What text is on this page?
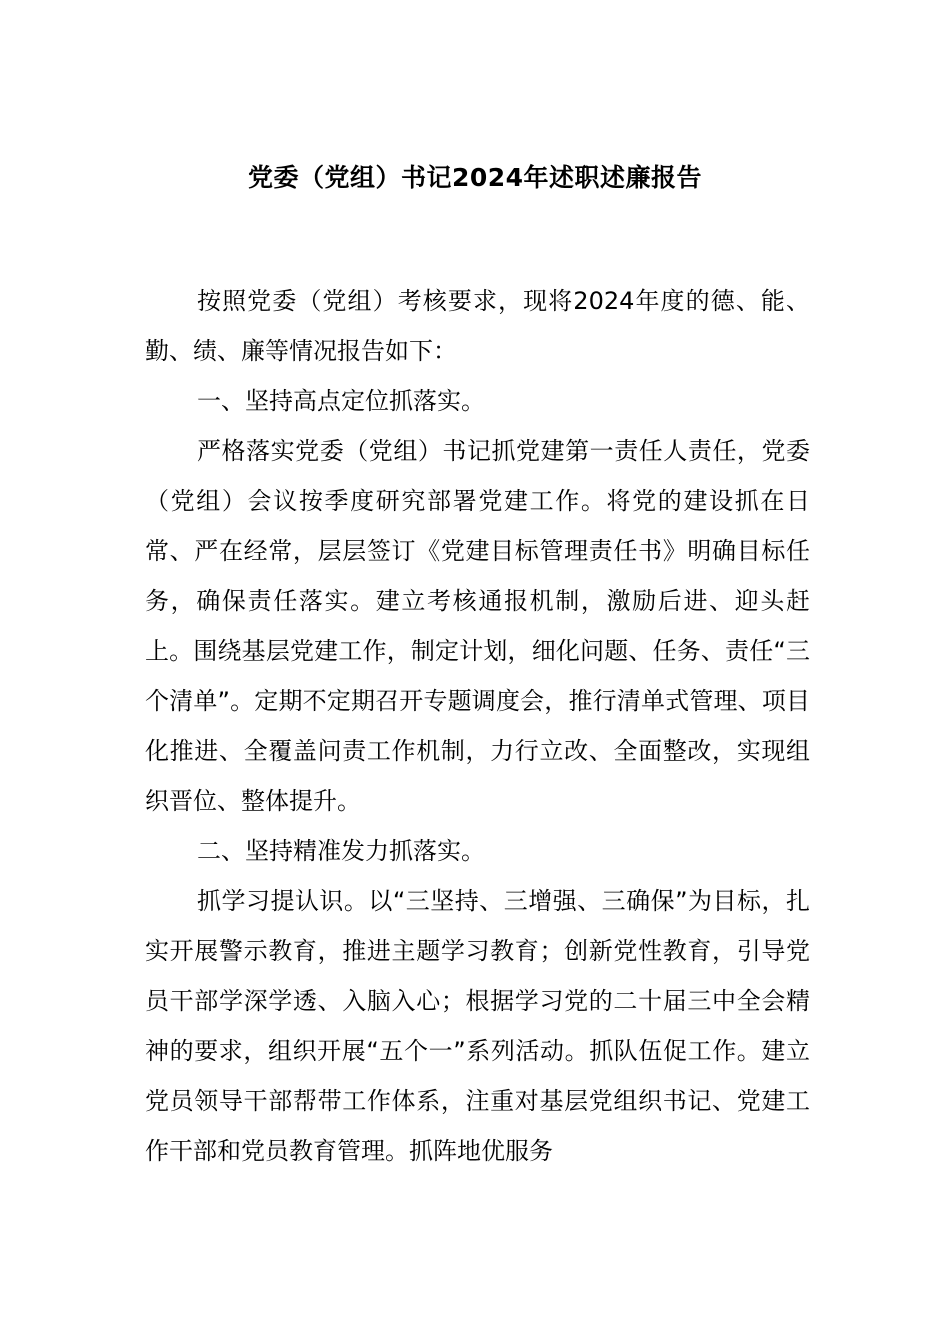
党委（党组）书记2024年述职述廉报告

按照党委（党组）考核要求，现将2024年度的德、能、勤、绩、廉等情况报告如下：

一、坚持高点定位抓落实。

严格落实党委（党组）书记抓党建第一责任人责任，党委（党组）会议按季度研究部署党建工作。将党的建设抓在日常、严在经常，层层签订《党建目标管理责任书》明确目标任务，确保责任落实。建立考核通报机制，激励后进、迎头赶上。围绕基层党建工作，制定计划，细化问题、任务、责任“三个清单”。定期不定期召开专题调度会，推行清单式管理、项目化推进、全覆盖问责工作机制，力行立改、全面整改，实现组织晋位、整体提升。

二、坚持精准发力抓落实。

抓学习提认识。以“三坚持、三增强、三确保”为目标，扎实开展警示教育，推进主题学习教育；创新党性教育，引导党员干部学深学透、入脑入心；根据学习党的二十届三中全会精神的要求，组织开展“五个一”系列活动。抓队伍促工作。建立党员领导干部帮带工作体系，注重对基层党组织书记、党建工作干部和党员教育管理。抓阵地优服务
